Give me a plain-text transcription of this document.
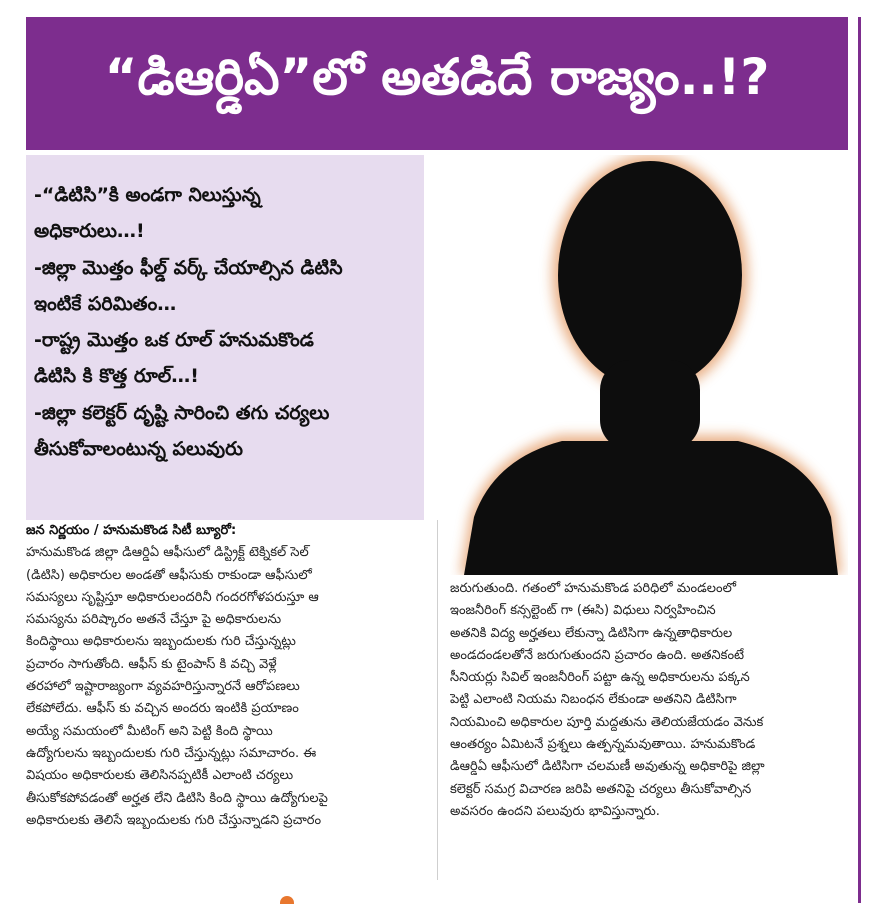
“డిఆర్డిఏ”లో అతడిదే రాజ్యం..!?
-“డిటిసి”కి అండగా నిలుస్తున్న
అధికారులు…!
-జిల్లా మొత్తం ఫీల్డ్ వర్క్ చేయాల్సిన డిటిసి
ఇంటికే పరిమితం…
-రాష్ట్ర మొత్తం ఒక రూల్ హనుమకొండ
డిటిసి కి కొత్త రూల్…!
-జిల్లా కలెక్టర్ దృష్టి సారించి తగు చర్యలు
తీసుకోవాలంటున్న పలువురు
జన నిర్ణయం / హనుమకొండ సిటీ బ్యూరో:
హనుమకొండ జిల్లా డిఆర్డిఏ ఆఫీసులో డిస్ట్రిక్ట్ టెక్నికల్ సెల్
(డిటిసి) అధికారుల అండతో ఆఫీసుకు రాకుండా ఆఫీసులో
సమస్యలు సృష్టిస్తూ అధికారులందరినీ గందరగోళపరుస్తూ ఆ
సమస్యను పరిష్కారం అతనే చేస్తూ పై అధికారులను
కిందిస్థాయి అధికారులను ఇబ్బందులకు గురి చేస్తున్నట్లు
ప్రచారం సాగుతోంది. ఆఫీస్ కు టైంపాస్ కి వచ్చి వెళ్లే
తరహాలో ఇష్టారాజ్యంగా వ్యవహరిస్తున్నారనే ఆరోపణలు
లేకపోలేదు. ఆఫీస్ కు వచ్చిన అందరు ఇంటికి ప్రయాణం
అయ్యే సమయంలో మీటింగ్ అని పెట్టి కింది స్థాయి
ఉద్యోగులను ఇబ్బందులకు గురి చేస్తున్నట్లు సమాచారం. ఈ
విషయం అధికారులకు తెలిసినప్పటికీ ఎలాంటి చర్యలు
తీసుకోకపోవడంతో అర్హత లేని డిటిసి కింది స్థాయి ఉద్యోగులపై
అధికారులకు తెలిసే ఇబ్బందులకు గురి చేస్తున్నాడని ప్రచారం
జరుగుతుంది. గతంలో హనుమకొండ పరిధిలో మండలంలో
ఇంజనీరింగ్ కన్సల్టెంట్ గా (ఈసి) విధులు నిర్వహించిన
అతనికి విద్య అర్హతలు లేకున్నా డిటిసిగా ఉన్నతాధికారుల
అండదండలతోనే జరుగుతుందని ప్రచారం ఉంది. అతనికంటే
సీనియర్లు సివిల్ ఇంజనీరింగ్ పట్టా ఉన్న అధికారులను పక్కన
పెట్టి ఎలాంటి నియమ నిబంధన లేకుండా అతనిని డిటిసిగా
నియమించి అధికారుల పూర్తి మద్దతును తెలియజేయడం వెనుక
ఆంతర్యం ఏమిటనే ప్రశ్నలు ఉత్పన్నమవుతాయి. హనుమకొండ
డిఆర్డిఏ ఆఫీసులో డిటిసిగా చలమణీ అవుతున్న అధికారిపై జిల్లా
కలెక్టర్ సమగ్ర విచారణ జరిపి అతనిపై చర్యలు తీసుకోవాల్సిన
అవసరం ఉందని పలువురు భావిస్తున్నారు.
